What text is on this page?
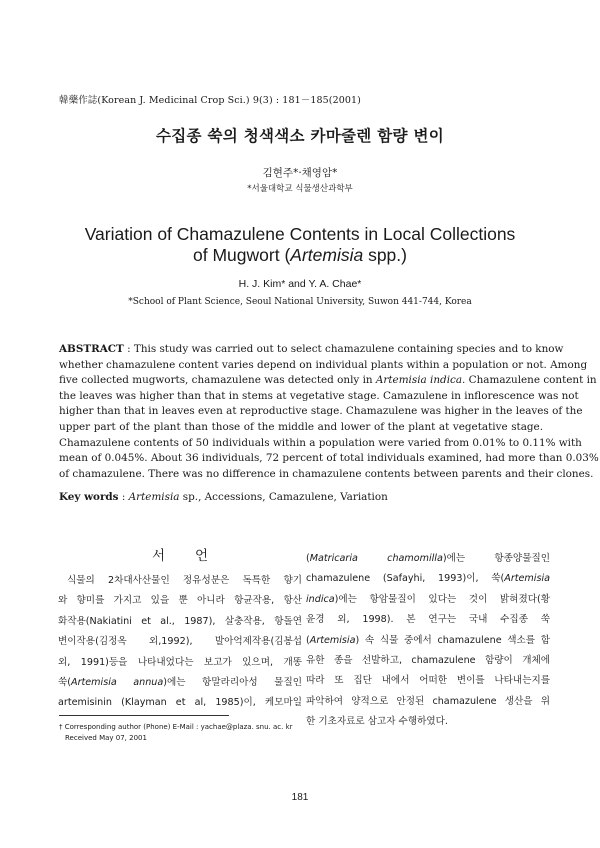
韓藥作誌(Korean J. Medicinal Crop Sci.) 9(3) : 181－185(2001)
수집종 쑥의 청색색소 카마줄렌 함량 변이
김현주*·채영암*
*서울대학교 식물생산과학부
Variation of Chamazulene Contents in Local Collections
of Mugwort (Artemisia spp.)
H. J. Kim* and Y. A. Chae*
*School of Plant Science, Seoul National University, Suwon 441-744, Korea
ABSTRACT : This study was carried out to select chamazulene containing species and to know
whether chamazulene content varies depend on individual plants within a population or not. Among
five collected mugworts, chamazulene was detected only in Artemisia indica. Chamazulene content in
the leaves was higher than that in stems at vegetative stage. Camazulene in inflorescence was not
higher than that in leaves even at reproductive stage. Chamazulene was higher in the leaves of the
upper part of the plant than those of the middle and lower of the plant at vegetative stage.
Chamazulene contents of 50 individuals within a population were varied from 0.01% to 0.11% with
mean of 0.045%. About 36 individuals, 72 percent of total individuals examined, had more than 0.03%
of chamazulene. There was no difference in chamazulene contents between parents and their clones.
Key words : Artemisia sp., Accessions, Camazulene, Variation
서언
식물의 2차대사산물인 정유성분은 독특한 향기
와 향미를 가지고 있을 뿐 아니라 항균작용, 항산
화작용(Nakiatini et al., 1987), 살충작용, 항돌연
변이작용(김정옥 외,1992), 발아억제작용(김봉섭
외, 1991)등을 나타내었다는 보고가 있으며, 개똥
쑥(Artemisia annua)에는 항말라리아성 물질인
artemisinin (Klayman et al, 1985)이, 케모마일
(Matricaria chamomilla)에는 항종양물질인
chamazulene (Safayhi, 1993)이, 쑥(Artemisia
indica)에는 항암물질이 있다는 것이 밝혀졌다(황
윤경 외, 1998). 본 연구는 국내 수집종 쑥
(Artemisia) 속 식물 중에서 chamazulene 색소를 함
유한 종을 선발하고, chamazulene 함량이 개체에
따라 또 집단 내에서 어떠한 변이를 나타내는지를
파악하여 양적으로 안정된 chamazulene 생산을 위
한 기초자료로 삼고자 수행하였다.
† Corresponding author (Phone) E-Mail : yachae@plaza. snu. ac. kr
Received May 07, 2001
181
